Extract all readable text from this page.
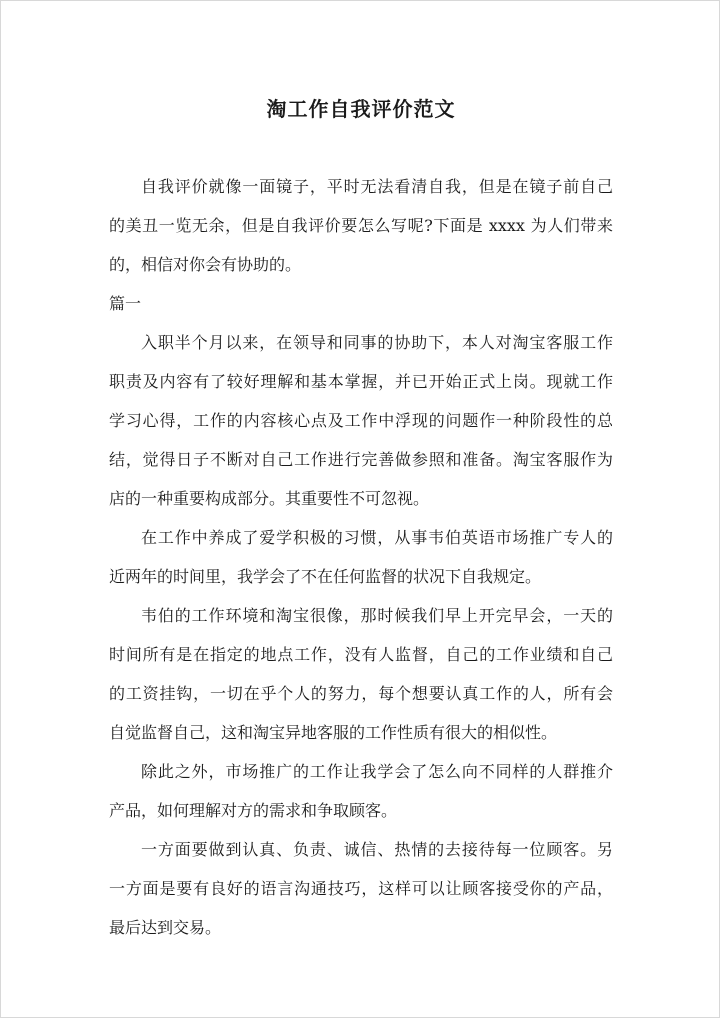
淘工作自我评价范文
自我评价就像一面镜子，平时无法看清自我，但是在镜子前自己
的美丑一览无余，但是自我评价要怎么写呢?下面是 xxxx 为人们带来
的，相信对你会有协助的。
篇一
入职半个月以来，在领导和同事的协助下，本人对淘宝客服工作
职责及内容有了较好理解和基本掌握，并已开始正式上岗。现就工作
学习心得，工作的内容核心点及工作中浮现的问题作一种阶段性的总
结，觉得日子不断对自己工作进行完善做参照和准备。淘宝客服作为
店的一种重要构成部分。其重要性不可忽视。
在工作中养成了爱学积极的习惯，从事韦伯英语市场推广专人的
近两年的时间里，我学会了不在任何监督的状况下自我规定。
韦伯的工作环境和淘宝很像，那时候我们早上开完早会，一天的
时间所有是在指定的地点工作，没有人监督，自己的工作业绩和自己
的工资挂钩，一切在乎个人的努力，每个想要认真工作的人，所有会
自觉监督自己，这和淘宝异地客服的工作性质有很大的相似性。
除此之外，市场推广的工作让我学会了怎么向不同样的人群推介
产品，如何理解对方的需求和争取顾客。
一方面要做到认真、负责、诚信、热情的去接待每一位顾客。另
一方面是要有良好的语言沟通技巧，这样可以让顾客接受你的产品，
最后达到交易。
